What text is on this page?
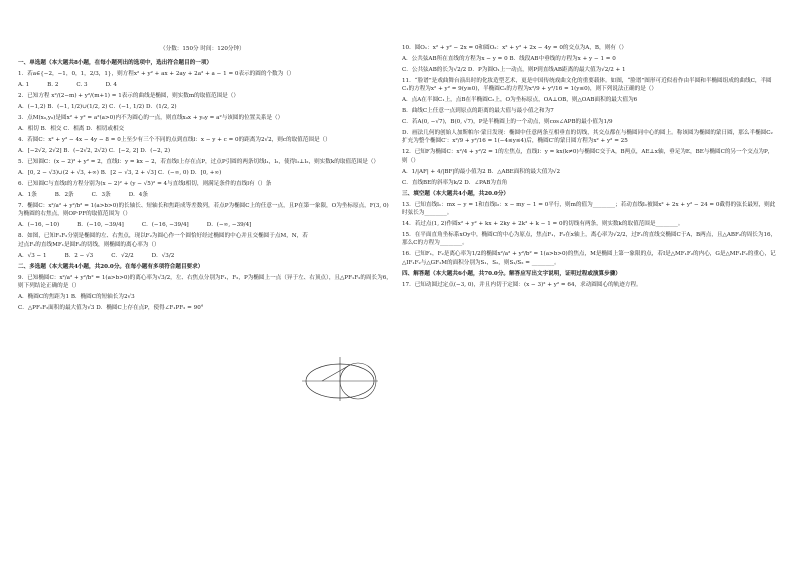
（分数：150分 时间：120分钟）
一、单选题（本大题共8小题，在每小题列出的选项中，选出符合题目的一项）
1．若a∈{−2，−1，0，1，2/3，1}，则方程x² + y² + ax + 2ay + 2a² + a − 1 = 0表示的圆的个数为（）
A. 1	B. 2	C. 3	D. 4
2．已知方程 x²/(2−m) + y²/(m+1) = 1表示的曲线是椭圆，则实数m的取值范围是（）
A．(−1,2) B．(−1, 1/2)∪(1/2, 2) C．(−1, 1/2) D．(1/2, 2)
3．点M(x₀,y₀)是圆x² + y² = a²(a>0)内不为圆心的一点，则直线x₀x + y₀y = a²与该圆的位置关系是（）
A．相切 B．相交 C．相离 D．相切或相交
4．若圆C：x² + y² − 4x − 4y − 8 = 0上至少有三个不同的点到直线l：x − y + c = 0的距离为2√2，则c的取值范围是（）
A．[−2√2, 2√2] B．(−2√2, 2√2) C．[−2, 2] D．(−2, 2)
5．已知圆C：(x − 2)² + y² = 2，直线l：y = kx − 2，若直线l上存在点P，过点P引圆的两条切线l₁，l₂，使得l₁⊥l₂，则实数k的取值范围是（）
A．[0, 2 − √3)∪(2 + √3, +∞) B．[2 − √3, 2 + √3] C．(−∞, 0) D．[0, +∞)
6．已知圆C与直线l的方程分别为(x − 2)² + (y − √5)² = 4与直线l相切，则满足条件的直线l有（）条
A．1条	B．2条	C．3条	D．4条
7．椭圆C：x²/a² + y²/b² = 1(a>b>0)的长轴长、短轴长和焦距成等差数列，若点P为椭圆C上的任意一点，且P在第一象限，O为坐标原点，F(3, 0)为椭圆的右焦点，则OP·PF的取值范围为（）
A．(−16, −10)	B．(−10, −39/4]	C．(−16, −39/4]	D．(−∞, −39/4]
8．如图，已知F₁F₂分别是椭圆的左、右焦点，现以F₂为圆心作一个圆恰好经过椭圆的中心并且交椭圆于点M，N，若过点F₁的直线MF₁是圆F₂的切线，则椭圆的离心率为（）
A．√3 − 1	B．2 − √3	C．√2/2	D．√3/2
二、多选题（本大题共4小题，共20.0分。在每小题有多项符合题目要求）
9．已知椭圆C：x²/a² + y²/b² = 1(a>b>0)的离心率为√3/2，左、右焦点分别为F₁，F₂，P为椭圆上一点（异于左、右顶点），且△PF₁F₂的周长为6，则下列结论正确的是（）
A．椭圆C的焦距为1 B．椭圆C的短轴长为2√3
C．△PF₁F₂面积的最大值为√3 D．椭圆C上存在点P，使得∠F₁PF₂ = 90°
10．圆O₁：x² + y² − 2x = 0和圆O₂：x² + y² + 2x − 4y = 0的交点为A，B，则有（）
A．公共弦AB所在直线的方程为x − y = 0 B．线段AB中垂线的方程为x + y − 1 = 0
C．公共弦AB的长为√2/2 D．P为圆O₁上一动点，则P到直线AB距离的最大值为√2/2 + 1
11．“脸谱”是戏曲舞台演出时的化妆造型艺术，更是中国传统戏曲文化的重要载体。如图，“脸谱”图形可近似看作由半圆和半椭圆组成的曲线C，半圆C₁的方程为x² + y² = 9(y≥0)，半椭圆C₂的方程为x²/9 + y²/16 = 1(y≤0)，则下列说法正确的是（）
A．点A在半圆C₁上，点B在半椭圆C₂上，O为坐标原点，OA⊥OB，则△OAB面积的最大值为6
B．曲线C上任意一点到原点的距离的最大值与最小值之和为7
C．若A(0, −√7)，B(0, √7)，P是半椭圆上的一个动点，则cos∠APB的最小值为1/9
D．画法几何的创始人加斯帕尔·蒙日发现：椭圆中任意两条互相垂直的切线，其交点都在与椭圆同中心的圆上。称该圆为椭圆的蒙日圆，那么半椭圆C₂扩充为整个椭圆C′：x²/9 + y²/16 = 1(−4≤y≤4)后，椭圆C′的蒙日圆方程为x² + y² = 25
12．已知F为椭圆C：x²/4 + y²/2 = 1的左焦点，直线l：y = kx(k≠0)与椭圆C交于A，B两点，AE⊥x轴，垂足为E，BE与椭圆C的另一个交点为P，则（）
A．1/|AF| + 4/|BF|的最小值为2 B．△ABE面积的最大值为√2
C．直线BE的斜率为k/2 D．∠PAB为直角
三、填空题（本大题共4小题，共20.0分）
13．已知直线l₁：mx − y = 1和直线l₂：x − my − 1 = 0平行，则m的值为________；若动直线l₁被圆x² + 2x + y² − 24 = 0截得的弦长最短，则此时弦长为________。
14．若过点(1, 2)作圆x² + y² + kx + 2ky + 2k² + k − 1 = 0的切线有两条，则实数k的取值范围是________。
15．在平面直角坐标系xOy中，椭圆C的中心为原点，焦点F₁，F₂在x轴上，离心率为√2/2，过F₁的直线交椭圆C于A，B两点，且△ABF₂的周长为16，那么C的方程为________。
16．已知F₁，F₂是离心率为1/2的椭圆x²/a² + y²/b² = 1(a>b>0)的焦点，M是椭圆上第一象限的点，若I是△MF₁F₂的内心，G是△MF₁F₂的重心，记△IF₁F₂与△GF₁M的面积分别为S₁，S₂，则S₁/S₂ = ________。
四、解答题（本大题共6小题，共70.0分。解答应写出文字说明，证明过程或演算步骤）
17．已知动圆过定点(−3, 0)，并且内切于定圆：(x − 3)² + y² = 64，求动圆圆心的轨迹方程。
